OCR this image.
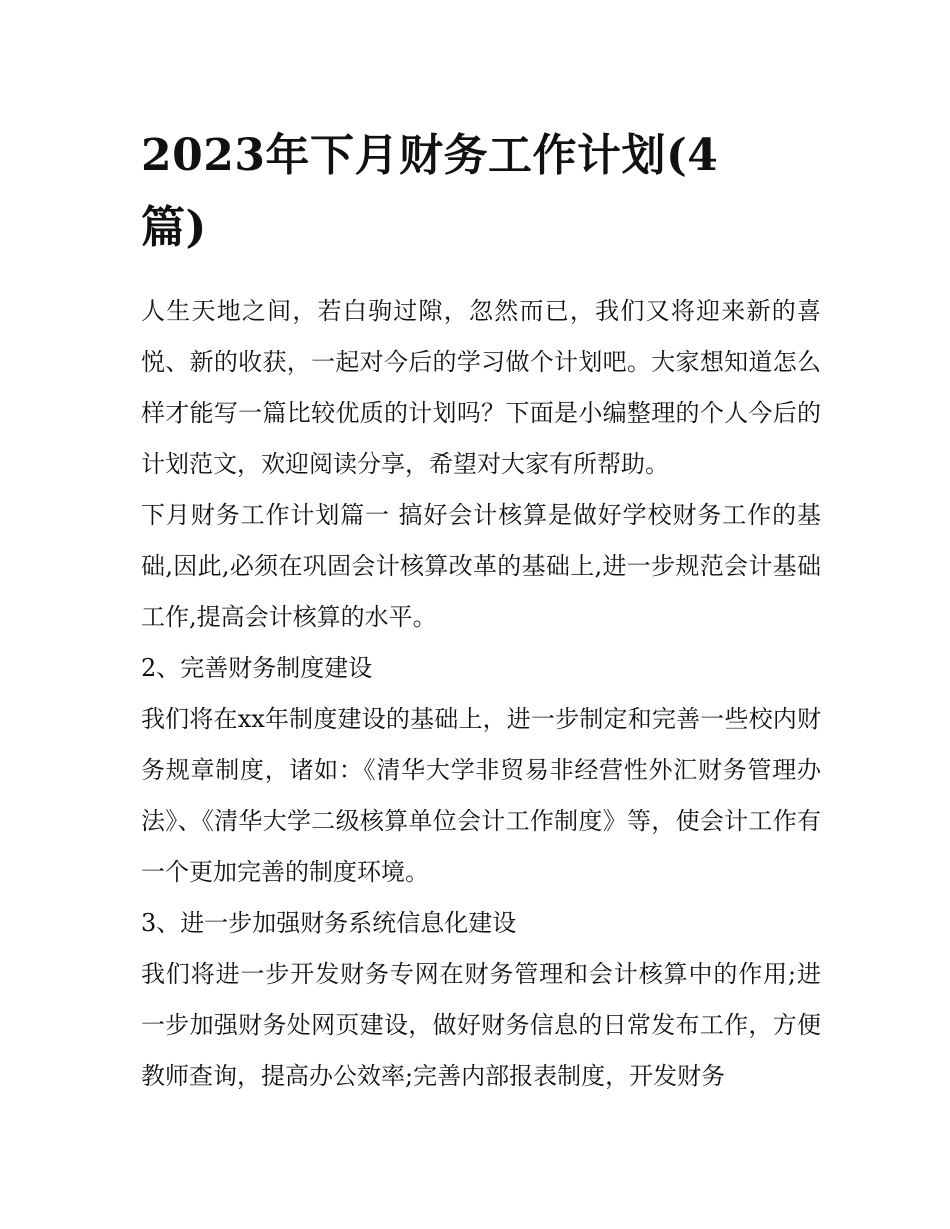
2023年下月财务工作计划(4篇)

人生天地之间，若白驹过隙，忽然而已，我们又将迎来新的喜悦、新的收获，一起对今后的学习做个计划吧。大家想知道怎么样才能写一篇比较优质的计划吗？下面是小编整理的个人今后的计划范文，欢迎阅读分享，希望对大家有所帮助。

下月财务工作计划篇一 搞好会计核算是做好学校财务工作的基础,因此,必须在巩固会计核算改革的基础上,进一步规范会计基础工作,提高会计核算的水平。

2、完善财务制度建设

我们将在xx年制度建设的基础上，进一步制定和完善一些校内财务规章制度，诸如：《清华大学非贸易非经营性外汇财务管理办法》、《清华大学二级核算单位会计工作制度》等，使会计工作有一个更加完善的制度环境。

3、进一步加强财务系统信息化建设

我们将进一步开发财务专网在财务管理和会计核算中的作用;进一步加强财务处网页建设，做好财务信息的日常发布工作，方便教师查询，提高办公效率;完善内部报表制度，开发财务
